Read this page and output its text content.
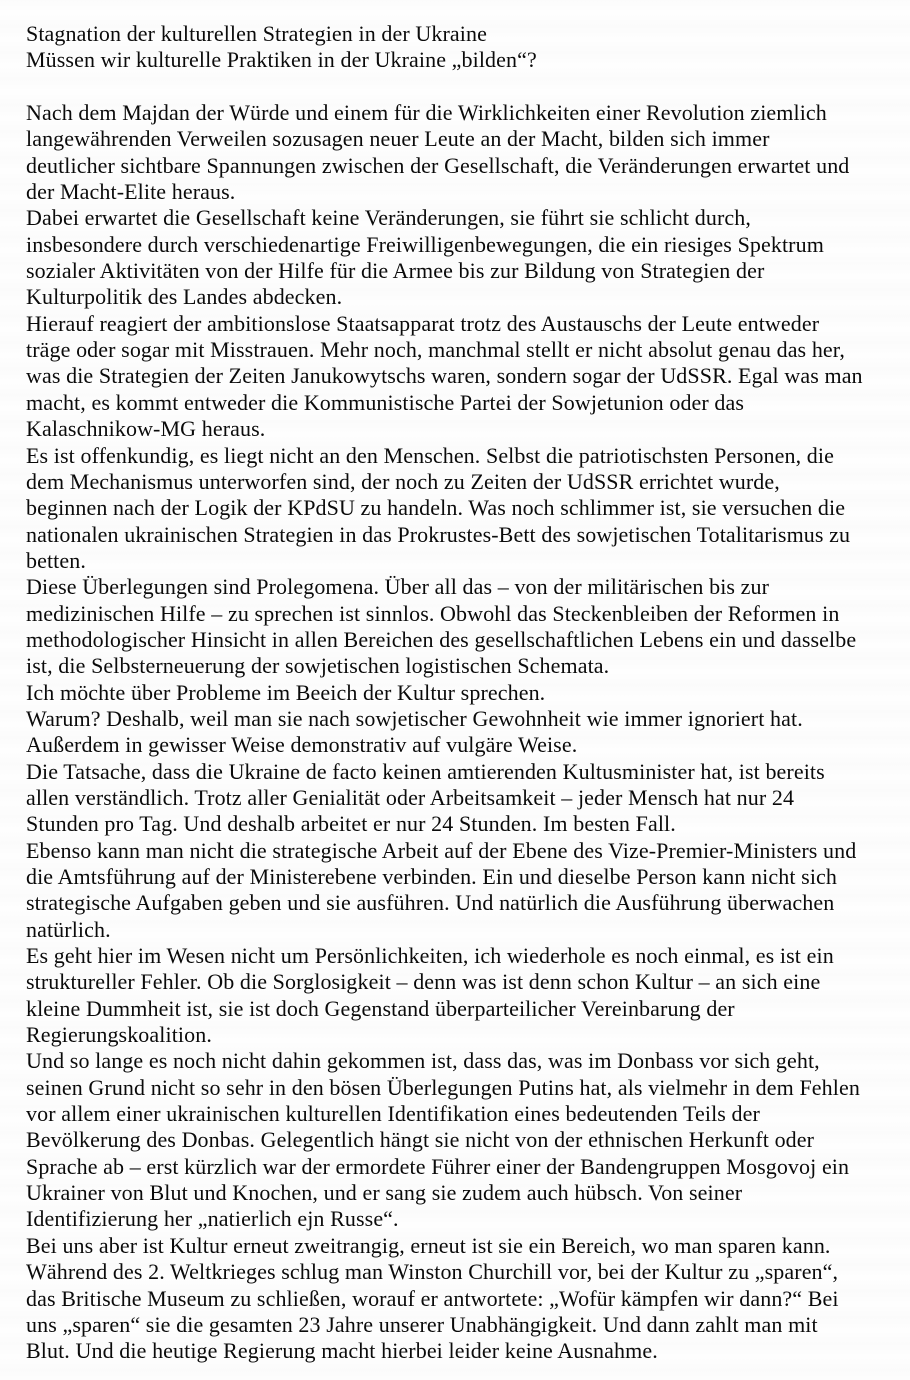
Stagnation der kulturellen Strategien in der Ukraine
Müssen wir kulturelle Praktiken in der Ukraine „bilden“?
Nach dem Majdan der Würde und einem für die Wirklichkeiten einer Revolution ziemlich
langewährenden Verweilen sozusagen neuer Leute an der Macht, bilden sich immer
deutlicher sichtbare Spannungen zwischen der Gesellschaft, die Veränderungen erwartet und
der Macht-Elite heraus.
Dabei erwartet die Gesellschaft keine Veränderungen, sie führt sie schlicht durch,
insbesondere durch verschiedenartige Freiwilligenbewegungen, die ein riesiges Spektrum
sozialer Aktivitäten von der Hilfe für die Armee bis zur Bildung von Strategien der
Kulturpolitik des Landes abdecken.
Hierauf reagiert der ambitionslose Staatsapparat trotz des Austauschs der Leute entweder
träge oder sogar mit Misstrauen. Mehr noch, manchmal stellt er nicht absolut genau das her,
was die Strategien der Zeiten Janukowytschs waren, sondern sogar der UdSSR. Egal was man
macht, es kommt entweder die Kommunistische Partei der Sowjetunion oder das
Kalaschnikow-MG heraus.
Es ist offenkundig, es liegt nicht an den Menschen. Selbst die patriotischsten Personen, die
dem Mechanismus unterworfen sind, der noch zu Zeiten der UdSSR errichtet wurde,
beginnen nach der Logik der KPdSU zu handeln. Was noch schlimmer ist, sie versuchen die
nationalen ukrainischen Strategien in das Prokrustes-Bett des sowjetischen Totalitarismus zu
betten.
Diese Überlegungen sind Prolegomena. Über all das – von der militärischen bis zur
medizinischen Hilfe – zu sprechen ist sinnlos. Obwohl das Steckenbleiben der Reformen in
methodologischer Hinsicht in allen Bereichen des gesellschaftlichen Lebens ein und dasselbe
ist, die Selbsterneuerung der sowjetischen logistischen Schemata.
Ich möchte über Probleme im Beeich der Kultur sprechen.
Warum? Deshalb, weil man sie nach sowjetischer Gewohnheit wie immer ignoriert hat.
Außerdem in gewisser Weise demonstrativ auf vulgäre Weise.
Die Tatsache, dass die Ukraine de facto keinen amtierenden Kultusminister hat, ist bereits
allen verständlich. Trotz aller Genialität oder Arbeitsamkeit – jeder Mensch hat nur 24
Stunden pro Tag. Und deshalb arbeitet er nur 24 Stunden. Im besten Fall.
Ebenso kann man nicht die strategische Arbeit auf der Ebene des Vize-Premier-Ministers und
die Amtsführung auf der Ministerebene verbinden. Ein und dieselbe Person kann nicht sich
strategische Aufgaben geben und sie ausführen. Und natürlich die Ausführung überwachen
natürlich.
Es geht hier im Wesen nicht um Persönlichkeiten, ich wiederhole es noch einmal, es ist ein
struktureller Fehler. Ob die Sorglosigkeit – denn was ist denn schon Kultur – an sich eine
kleine Dummheit ist, sie ist doch Gegenstand überparteilicher Vereinbarung der
Regierungskoalition.
Und so lange es noch nicht dahin gekommen ist, dass das, was im Donbass vor sich geht,
seinen Grund nicht so sehr in den bösen Überlegungen Putins hat, als vielmehr in dem Fehlen
vor allem einer ukrainischen kulturellen Identifikation eines bedeutenden Teils der
Bevölkerung des Donbas. Gelegentlich hängt sie nicht von der ethnischen Herkunft oder
Sprache ab – erst kürzlich war der ermordete Führer einer der Bandengruppen Mosgovoj ein
Ukrainer von Blut und Knochen, und er sang sie zudem auch hübsch. Von seiner
Identifizierung her „natierlich ejn Russe“.
Bei uns aber ist Kultur erneut zweitrangig, erneut ist sie ein Bereich, wo man sparen kann.
Während des 2. Weltkrieges schlug man Winston Churchill vor, bei der Kultur zu „sparen“,
das Britische Museum zu schließen, worauf er antwortete: „Wofür kämpfen wir dann?“ Bei
uns „sparen“ sie die gesamten 23 Jahre unserer Unabhängigkeit. Und dann zahlt man mit
Blut. Und die heutige Regierung macht hierbei leider keine Ausnahme.
